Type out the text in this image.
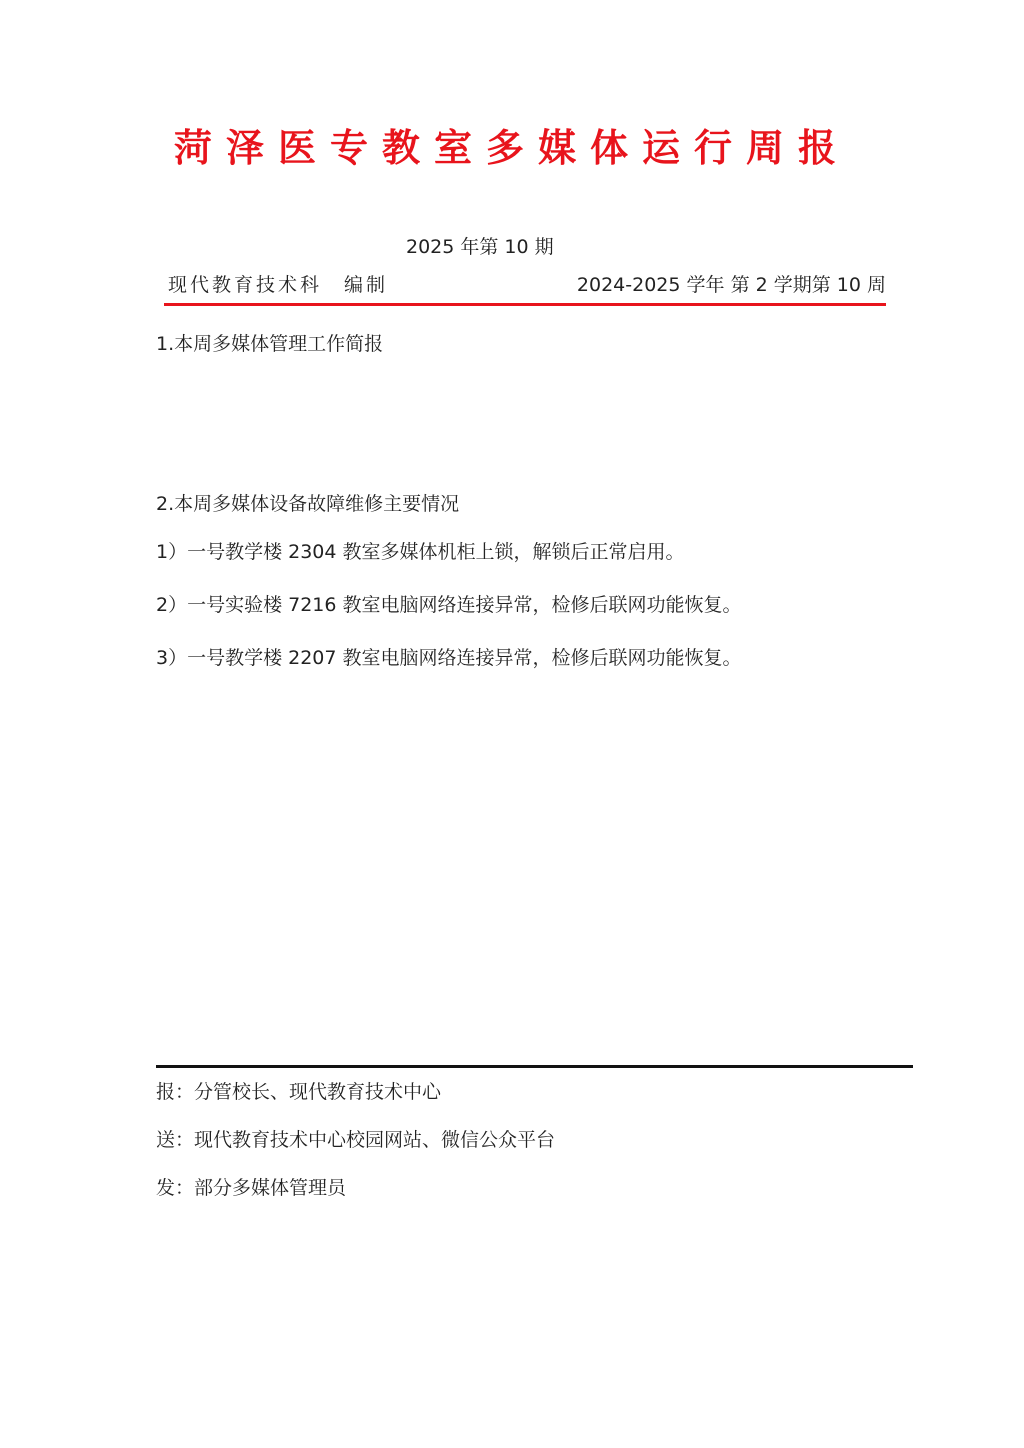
菏泽医专教室多媒体运行周报
2025 年第 10 期
现代教育技术科 编制	2024-2025 学年 第 2 学期第 10 周
1.本周多媒体管理工作简报
2.本周多媒体设备故障维修主要情况
1）一号教学楼 2304 教室多媒体机柜上锁，解锁后正常启用。
2）一号实验楼 7216 教室电脑网络连接异常，检修后联网功能恢复。
3）一号教学楼 2207 教室电脑网络连接异常，检修后联网功能恢复。
报：分管校长、现代教育技术中心
送：现代教育技术中心校园网站、微信公众平台
发：部分多媒体管理员
